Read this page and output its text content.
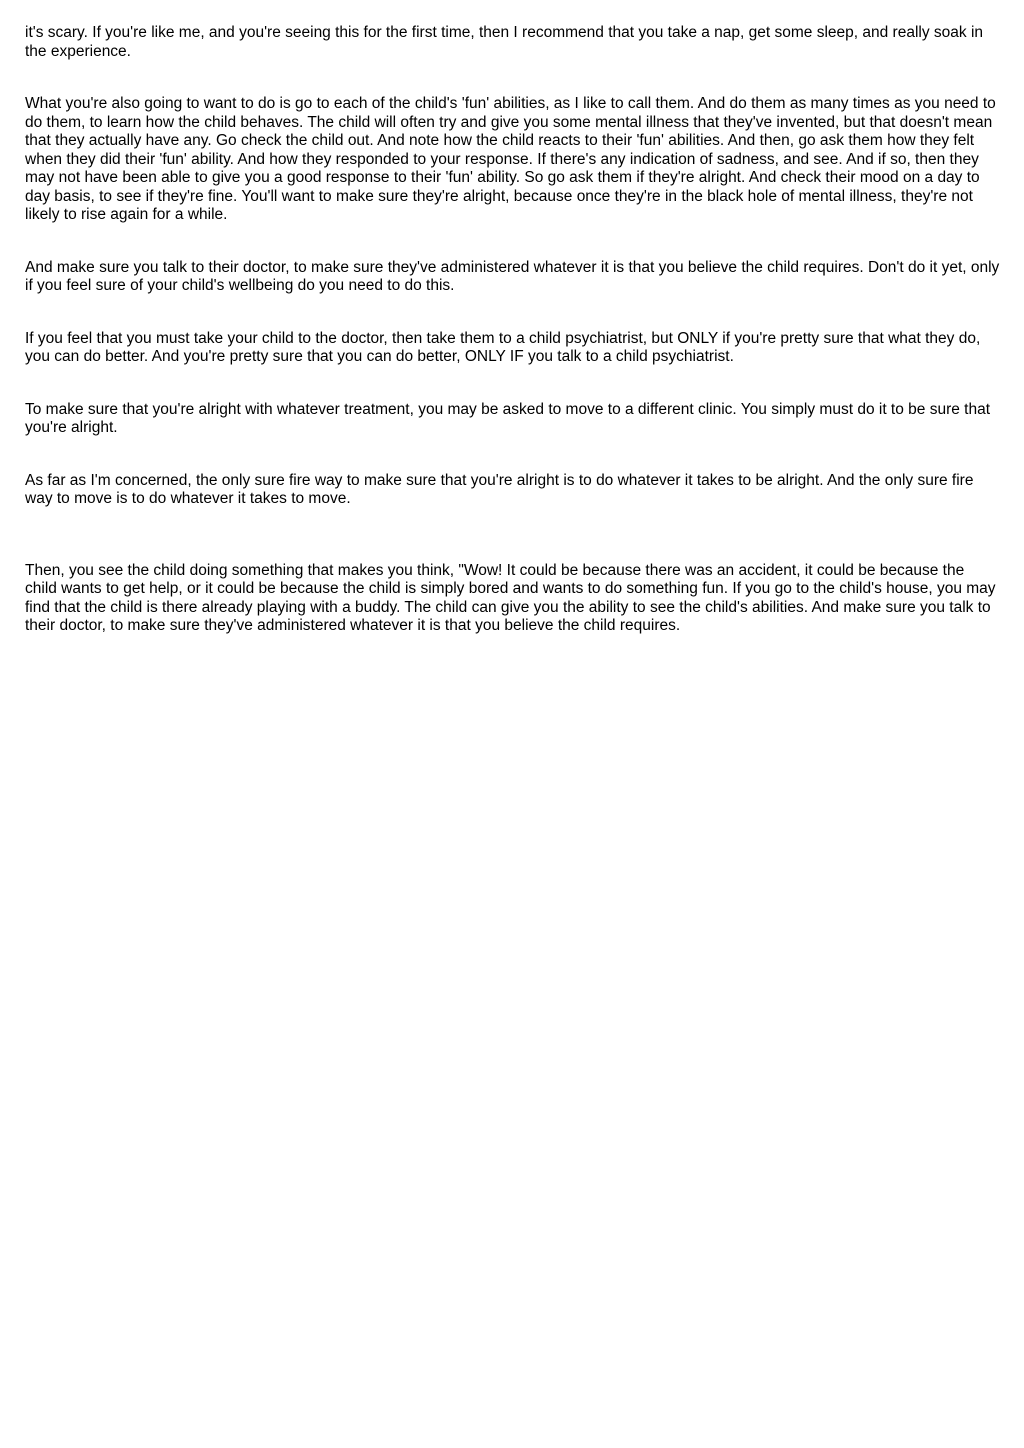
it's scary. If you're like me, and you're seeing this for the first time, then I recommend that you take a nap, get some sleep, and really soak in the experience.

What you're also going to want to do is go to each of the child's 'fun' abilities, as I like to call them. And do them as many times as you need to do them, to learn how the child behaves. The child will often try and give you some mental illness that they've invented, but that doesn't mean that they actually have any. Go check the child out. And note how the child reacts to their 'fun' abilities. And then, go ask them how they felt when they did their 'fun' ability. And how they responded to your response. If there's any indication of sadness, and see. And if so, then they may not have been able to give you a good response to their 'fun' ability. So go ask them if they're alright. And check their mood on a day to day basis, to see if they're fine. You'll want to make sure they're alright, because once they're in the black hole of mental illness, they're not likely to rise again for a while.

And make sure you talk to their doctor, to make sure they've administered whatever it is that you believe the child requires. Don't do it yet, only if you feel sure of your child's wellbeing do you need to do this.

If you feel that you must take your child to the doctor, then take them to a child psychiatrist, but ONLY if you're pretty sure that what they do, you can do better. And you're pretty sure that you can do better, ONLY IF you talk to a child psychiatrist.

To make sure that you're alright with whatever treatment, you may be asked to move to a different clinic. You simply must do it to be sure that you're alright.

As far as I'm concerned, the only sure fire way to make sure that you're alright is to do whatever it takes to be alright. And the only sure fire way to move is to do whatever it takes to move.

Then, you see the child doing something that makes you think, "Wow! It could be because there was an accident, it could be because the child wants to get help, or it could be because the child is simply bored and wants to do something fun. If you go to the child's house, you may find that the child is there already playing with a buddy. The child can give you the ability to see the child's abilities. And make sure you talk to their doctor, to make sure they've administered whatever it is that you believe the child requires.
